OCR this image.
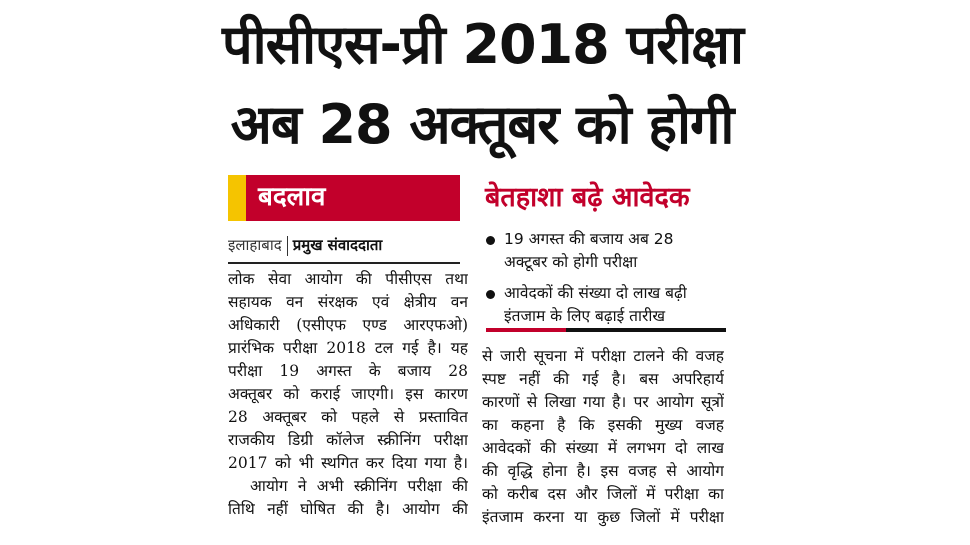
पीसीएस-प्री 2018 परीक्षा
अब 28 अक्तूबर को होगी
बदलाव	बेतहाशा बढ़े आवेदक
इलाहाबाद प्रमुख संवाददाता	19 अगस्त की बजाय अब 28
अक्टूबर को होगी परीक्षा
आवेदकों की संख्या दो लाख बढ़ी
इंतजाम के लिए बढ़ाई तारीख
लोक सेवा आयोग की पीसीएस तथा
सहायक वन संरक्षक एवं क्षेत्रीय वन
अधिकारी (एसीएफ एण्ड आरएफओ)
प्रारंभिक परीक्षा 2018 टल गई है। यह
परीक्षा 19 अगस्त के बजाय 28
अक्तूबर को कराई जाएगी। इस कारण
28 अक्तूबर को पहले से प्रस्तावित
राजकीय डिग्री कॉलेज स्क्रीनिंग परीक्षा
2017 को भी स्थगित कर दिया गया है।
आयोग ने अभी स्क्रीनिंग परीक्षा की
तिथि नहीं घोषित की है। आयोग की
से जारी सूचना में परीक्षा टालने की वजह
स्पष्ट नहीं की गई है। बस अपरिहार्य
कारणों से लिखा गया है। पर आयोग सूत्रों
का कहना है कि इसकी मुख्य वजह
आवेदकों की संख्या में लगभग दो लाख
की वृद्धि होना है। इस वजह से आयोग
को करीब दस और जिलों में परीक्षा का
इंतजाम करना या कुछ जिलों में परीक्षा
